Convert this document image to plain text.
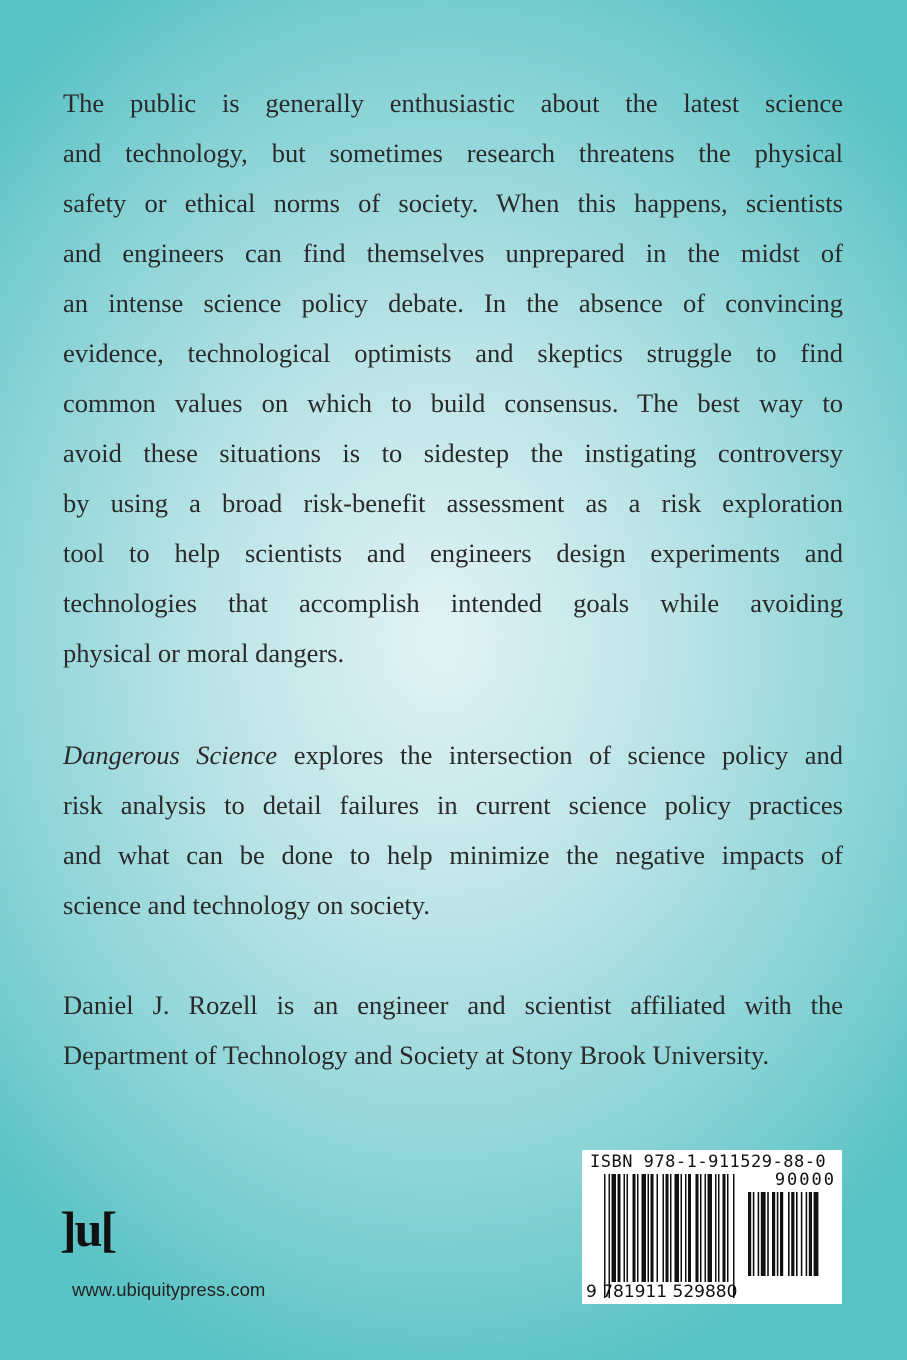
The public is generally enthusiastic about the latest science
and technology, but sometimes research threatens the physical
safety or ethical norms of society. When this happens, scientists
and engineers can find themselves unprepared in the midst of
an intense science policy debate. In the absence of convincing
evidence, technological optimists and skeptics struggle to find
common values on which to build consensus. The best way to
avoid these situations is to sidestep the instigating controversy
by using a broad risk-benefit assessment as a risk exploration
tool to help scientists and engineers design experiments and
technologies that accomplish intended goals while avoiding
physical or moral dangers.
Dangerous Science explores the intersection of science policy and
risk analysis to detail failures in current science policy practices
and what can be done to help minimize the negative impacts of
science and technology on society.
Daniel J. Rozell is an engineer and scientist affiliated with the
Department of Technology and Society at Stony Brook University.
]u[
www.ubiquitypress.com
ISBN 978-1-911529-88-0
90000
9 781911 529880
